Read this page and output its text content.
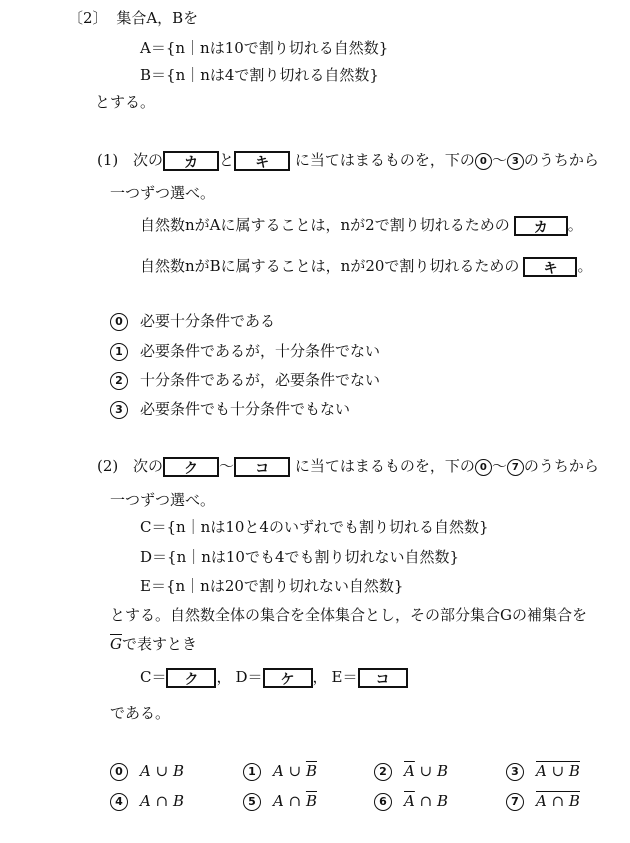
〔2〕 集合A，Bを
A＝{n｜nは10で割り切れる自然数}
B＝{n｜nは4で割り切れる自然数}
とする。
(1) 次の カ と キ に当てはまるものを，下の 0 〜 3 のうちから
一つずつ選べ。
自然数nがAに属することは，nが2で割り切れるための カ 。
自然数nがBに属することは，nが20で割り切れるための キ 。
0 必要十分条件である
1 必要条件であるが，十分条件でない
2 十分条件であるが，必要条件でない
3 必要条件でも十分条件でもない
(2) 次の ク 〜 コ に当てはまるものを，下の 0 〜 7 のうちから
一つずつ選べ。
C＝{n｜nは10と4のいずれでも割り切れる自然数}
D＝{n｜nは10でも4でも割り切れない自然数}
E＝{n｜nは20で割り切れない自然数}
とする。自然数全体の集合を全体集合とし，その部分集合Gの補集合を
$\overline{G}$で表すとき
C＝ ク ， D＝ ケ ， E＝ コ
である。
0 A ∪ B	1 A ∪ $\overline{B}$	2 $\overline{A}$ ∪ B	3 A ∪ B
4 A ∩ B	5 A ∩ $\overline{B}$	6 $\overline{A}$ ∩ B	7 A ∩ B
